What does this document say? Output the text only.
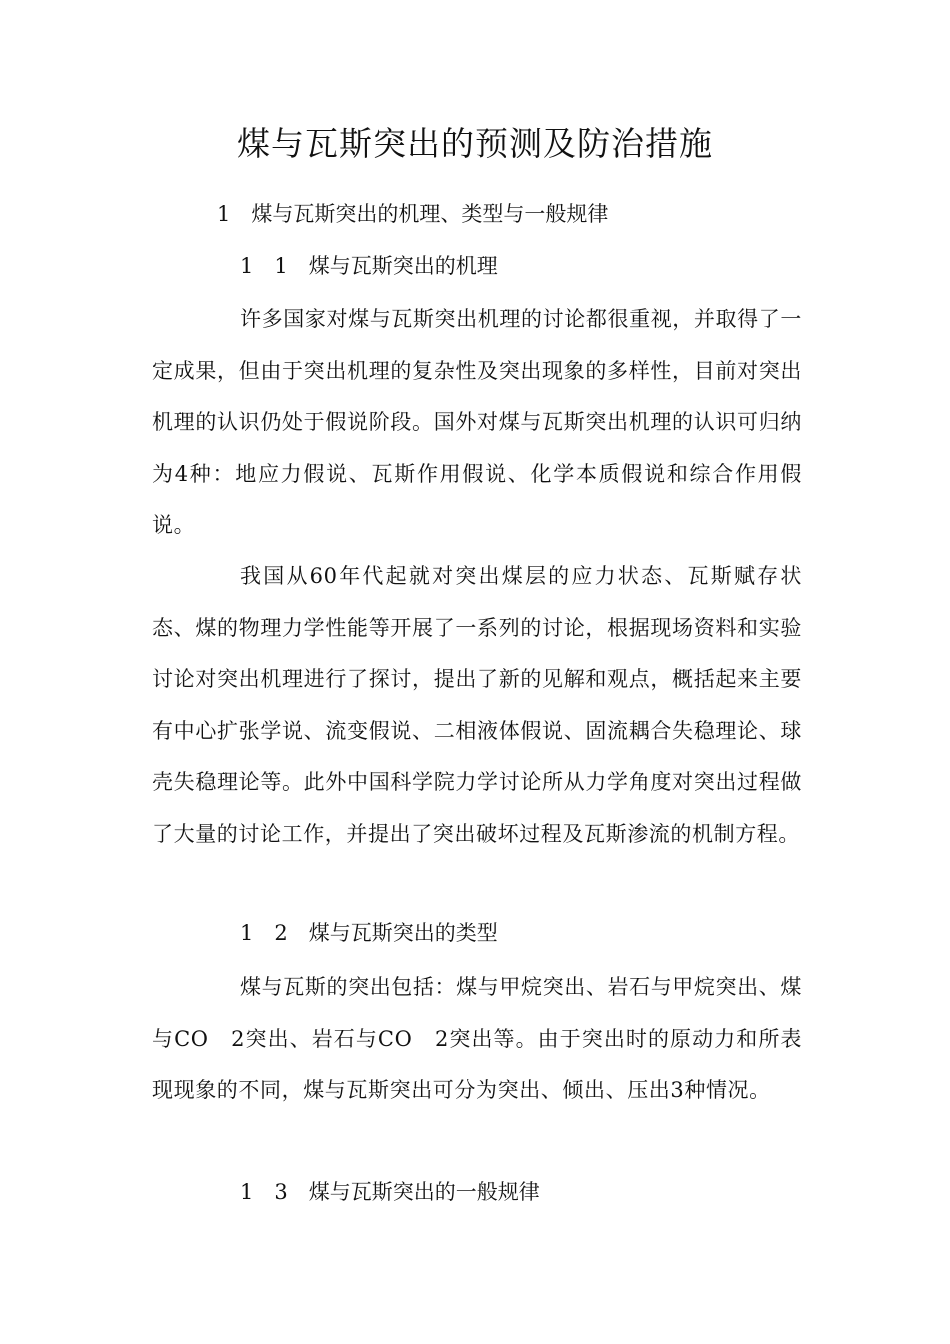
煤与瓦斯突出的预测及防治措施
1　煤与瓦斯突出的机理、类型与一般规律
1　1　煤与瓦斯突出的机理

许多国家对煤与瓦斯突出机理的讨论都很重视，并取得了一定成果，但由于突出机理的复杂性及突出现象的多样性，目前对突出机理的认识仍处于假说阶段。国外对煤与瓦斯突出机理的认识可归纳为4种：地应力假说、瓦斯作用假说、化学本质假说和综合作用假说。

我国从60年代起就对突出煤层的应力状态、瓦斯赋存状态、煤的物理力学性能等开展了一系列的讨论，根据现场资料和实验讨论对突出机理进行了探讨，提出了新的见解和观点，概括起来主要有中心扩张学说、流变假说、二相液体假说、固流耦合失稳理论、球壳失稳理论等。此外中国科学院力学讨论所从力学角度对突出过程做了大量的讨论工作，并提出了突出破坏过程及瓦斯渗流的机制方程。

1　2　煤与瓦斯突出的类型

煤与瓦斯的突出包括：煤与甲烷突出、岩石与甲烷突出、煤与CO　2突出、岩石与CO　2突出等。由于突出时的原动力和所表现现象的不同，煤与瓦斯突出可分为突出、倾出、压出3种情况。

1　3　煤与瓦斯突出的一般规律
